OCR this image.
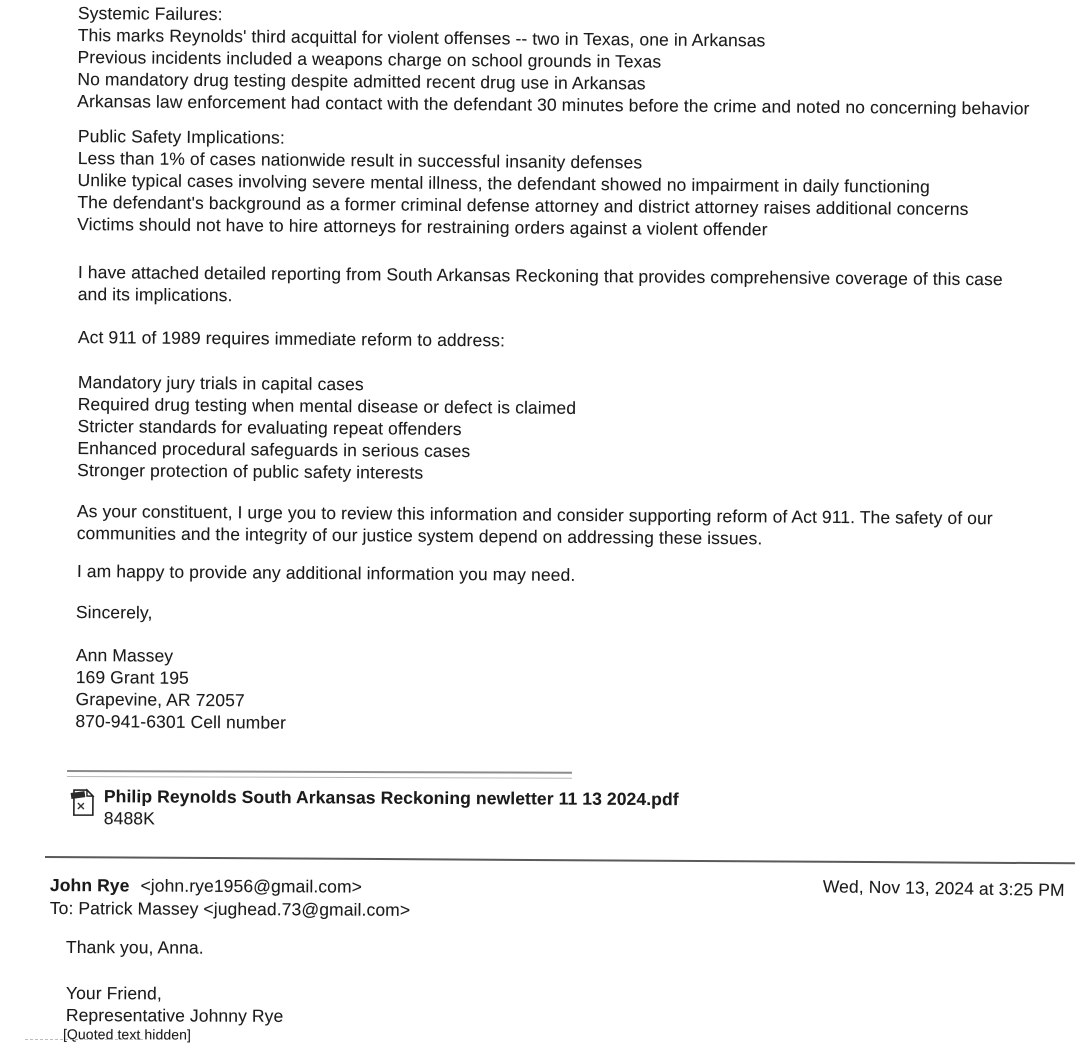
Systemic Failures:
This marks Reynolds' third acquittal for violent offenses -- two in Texas, one in Arkansas
Previous incidents included a weapons charge on school grounds in Texas
No mandatory drug testing despite admitted recent drug use in Arkansas
Arkansas law enforcement had contact with the defendant 30 minutes before the crime and noted no concerning behavior
Public Safety Implications:
Less than 1% of cases nationwide result in successful insanity defenses
Unlike typical cases involving severe mental illness, the defendant showed no impairment in daily functioning
The defendant's background as a former criminal defense attorney and district attorney raises additional concerns
Victims should not have to hire attorneys for restraining orders against a violent offender
I have attached detailed reporting from South Arkansas Reckoning that provides comprehensive coverage of this case
and its implications.
Act 911 of 1989 requires immediate reform to address:
Mandatory jury trials in capital cases
Required drug testing when mental disease or defect is claimed
Stricter standards for evaluating repeat offenders
Enhanced procedural safeguards in serious cases
Stronger protection of public safety interests
As your constituent, I urge you to review this information and consider supporting reform of Act 911. The safety of our
communities and the integrity of our justice system depend on addressing these issues.
I am happy to provide any additional information you may need.
Sincerely,
Ann Massey
169 Grant 195
Grapevine, AR 72057
870-941-6301 Cell number
Philip Reynolds South Arkansas Reckoning newletter 11 13 2024.pdf
8488K
John Rye <john.rye1956@gmail.com>
To: Patrick Massey <jughead.73@gmail.com>
Wed, Nov 13, 2024 at 3:25 PM
Thank you, Anna.
Your Friend,
Representative Johnny Rye
[Quoted text hidden]
